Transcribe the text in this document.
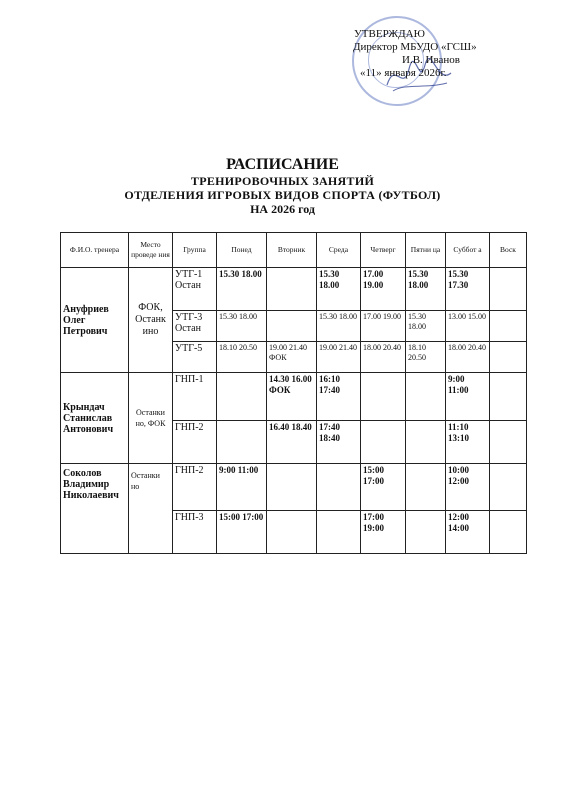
УТВЕРЖДАЮ
Директор МБУДО «ГСШ»
И.В. Иванов
«11» января 2026г.
РАСПИСАНИЕ
ТРЕНИРОВОЧНЫХ ЗАНЯТИЙ
ОТДЕЛЕНИЯ ИГРОВЫХ ВИДОВ СПОРТА (ФУТБОЛ)
НА 2026 год
Ф.И.О. тренера	Место проведе ния	Группа	Понед	Вторник	Среда	Четверг	Пятни ца	Суббот а	Воск
Ануфриев Олег Петрович	ФОК, Останк ино	УТГ-1 Остан	15.30 18.00		15.30 18.00	17.00 19.00	15.30 18.00	15.30 17.30	
		УТГ-3 Остан	15.30 18.00		15.30 18.00	17.00 19.00	15.30 18.00	13.00 15.00	
		УТГ-5	18.10 20.50	19.00 21.40 ФОК	19.00 21.40	18.00 20.40	18.10 20.50	18.00 20.40	
Крындач Станислав Антонович	Останки но, ФОК	ГНП-1		14.30 16.00 ФОК	16:10 17:40			9:00 11:00	
		ГНП-2		16.40 18.40	17:40 18:40			11:10 13:10	
Соколов Владимир Николаевич	Останки но	ГНП-2	9:00 11:00			15:00 17:00		10:00 12:00	
		ГНП-3	15:00 17:00			17:00 19:00		12:00 14:00	
